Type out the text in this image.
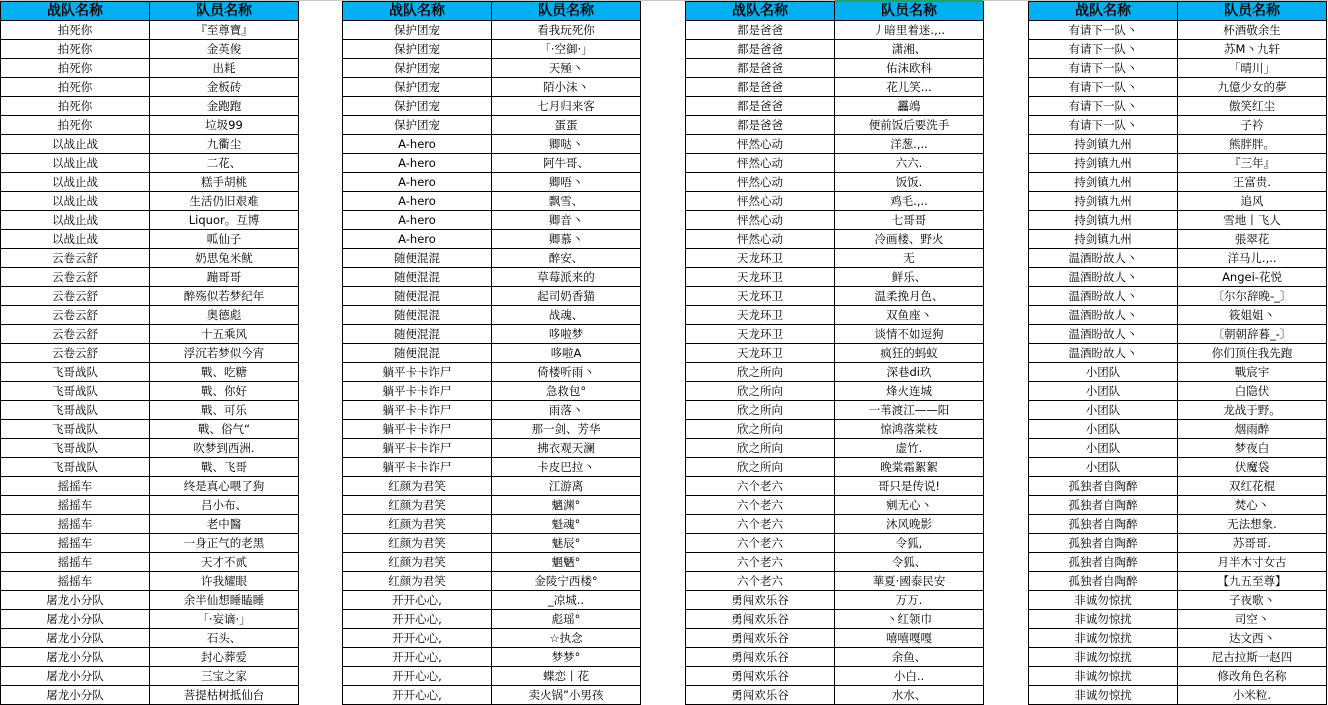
战队名称	队员名称
拍死你	『至尊寶』
拍死你	金英俊
拍死你	出耗
拍死你	金板砖
拍死你	金跑跑
拍死你	垃圾99
以战止战	九衢尘
以战止战	二花、
以战止战	糕手胡桃
以战止战	生活仍旧艰难
以战止战	Liquor。互博
以战止战	呱仙子
云卷云舒	奶思兔米鱿
云卷云舒	蹦哥哥
云卷云舒	醉殇似若梦纪年
云卷云舒	奥德彪
云卷云舒	十五乘风
云卷云舒	浮沉若梦似今宵
飞哥战队	戰、吃糖
飞哥战队	戰、你好
飞哥战队	戰、可乐
飞哥战队	戰、俗气“
飞哥战队	吹梦到西洲.
飞哥战队	戰、飞哥
摇摇车	终是真心喂了狗
摇摇车	吕小布、
摇摇车	老中醫
摇摇车	一身正气的老黑
摇摇车	天才不贰
摇摇车	许我耀眼
屠龙小分队	余半仙想睡瞌睡
屠龙小分队	「·妄谪·」
屠龙小分队	石头、
屠龙小分队	封心葬爱
屠龙小分队	三宝之家
屠龙小分队	菩提枯树抵仙台
战队名称	队员名称
保护团宠	看我玩死你
保护团宠	「·空御·」
保护团宠	天殛丶
保护团宠	陌小沫丶
保护团宠	七月归来客
保护团宠	蛋蛋
A-hero	卿哒丶
A-hero	阿牛哥、
A-hero	卿唔丶
A-hero	飘雪、
A-hero	卿音丶
A-hero	卿慕丶
随便混混	醉安、
随便混混	草莓派来的
随便混混	起司奶香猫
随便混混	战魂、
随便混混	哆啦梦
随便混混	哆啦A
躺平卡卡诈尸	倚楼听雨丶
躺平卡卡诈尸	急救包°
躺平卡卡诈尸	雨落丶
躺平卡卡诈尸	那一剑、芳华
躺平卡卡诈尸	拂衣观天澜
躺平卡卡诈尸	卡皮巴拉丶
红颜为君笑	江游离
红颜为君笑	魑渊°
红颜为君笑	魁魂°
红颜为君笑	魅辰°
红颜为君笑	魍魉°
红颜为君笑	金陵宁西楼°
开开心心,	_凉城..
开开心心,	彪瑶°
开开心心,	☆执念
开开心心,	梦梦°
开开心心,	蝶恋丨花
开开心心,	卖火锅”小男孩
战队名称	队员名称
都是爸爸	丿暗里着迷.,..
都是爸爸	潇湘、
都是爸爸	佑沫欧科
都是爸爸	花儿笑...
都是爸爸	靐鴗
都是爸爸	便前饭后要洗手
怦然心动	洋葱.,..
怦然心动	六六.
怦然心动	饭饭.
怦然心动	鸡毛.,..
怦然心动	七哥哥
怦然心动	冷画楼、野火
天龙环卫	无
天龙环卫	鲜乐、
天龙环卫	温柔挽月色、
天龙环卫	双鱼座丶
天龙环卫	谈情不如逗狗
天龙环卫	疯狂的蚂蚁
欣之所向	深巷di玖
欣之所向	烽火连城
欣之所向	一苇渡江——阳
欣之所向	惊鸿落棠枝
欣之所向	虚竹.
欣之所向	晚棠霜絮絮
六个老六	哥只是传说!
六个老六	剜无心丶
六个老六	沐风晚影
六个老六	令狐,
六个老六	令狐、
六个老六	華夏·國泰民安
勇闯欢乐谷	万万.
勇闯欢乐谷	丶红领巾
勇闯欢乐谷	嘻嘻嘎嘎
勇闯欢乐谷	余鱼、
勇闯欢乐谷	小白..
勇闯欢乐谷	水水、
战队名称	队员名称
有请下一队丶	杯酒敬余生
有请下一队丶	苏M丶九轩
有请下一队丶	「晴川」
有请下一队丶	九億少女的夢
有请下一队丶	傲笑红尘
有请下一队丶	子衿
持剑镇九州	熊胖胖。
持剑镇九州	『三年』
持剑镇九州	王富贵.
持剑镇九州	追风
持剑镇九州	雪地丨飞人
持剑镇九州	張翠花
温酒盼故人丶	洋马儿.,..
温酒盼故人丶	Angei-花悦
温酒盼故人丶	〔尔尔辞晚-_〕
温酒盼故人丶	筱姐姐丶
温酒盼故人丶	〔朝朝辞暮_-〕
温酒盼故人丶	你们顶住我先跑
小团队	戰宸宇
小团队	白隐伏
小团队	龙战于野。
小团队	烟雨醉
小团队	梦夜白
小团队	伏魔袋
孤独者自陶醉	双红花棍
孤独者自陶醉	焚心丶
孤独者自陶醉	无法想象.
孤独者自陶醉	苏哥哥.
孤独者自陶醉	月半木寸女古
孤独者自陶醉	【九五至尊】
非诚勿惊扰	子夜歌丶
非诚勿惊扰	司空丶
非诚勿惊扰	达文西丶
非诚勿惊扰	尼古拉斯一赵四
非诚勿惊扰	修改角色名称
非诚勿惊扰	小米粒.
